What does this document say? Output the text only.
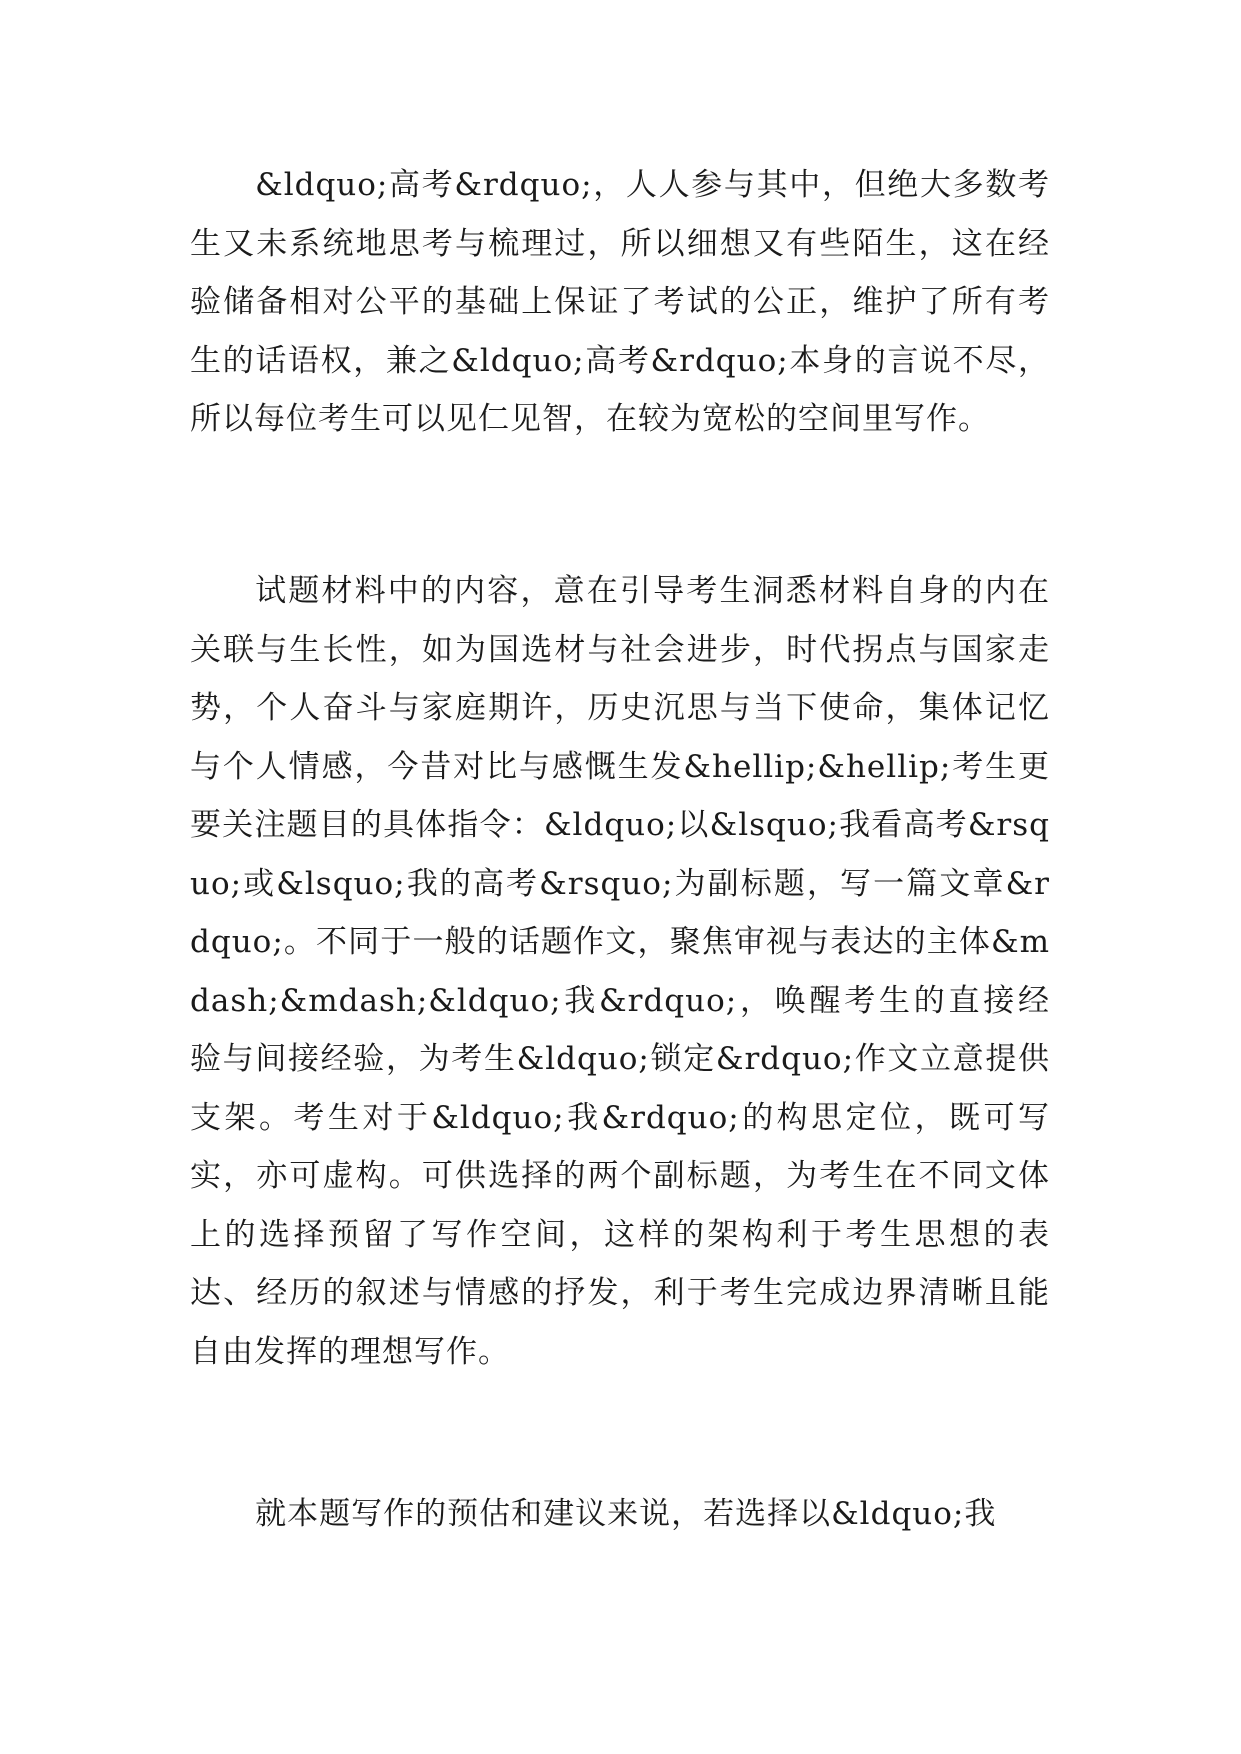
&ldquo;高考&rdquo;，人人参与其中，但绝大多数考生又未系统地思考与梳理过，所以细想又有些陌生，这在经验储备相对公平的基础上保证了考试的公正，维护了所有考生的话语权，兼之&ldquo;高考&rdquo;本身的言说不尽，所以每位考生可以见仁见智，在较为宽松的空间里写作。

试题材料中的内容，意在引导考生洞悉材料自身的内在关联与生长性，如为国选材与社会进步，时代拐点与国家走势，个人奋斗与家庭期许，历史沉思与当下使命，集体记忆与个人情感，今昔对比与感慨生发&hellip;&hellip;考生更要关注题目的具体指令：&ldquo;以&lsquo;我看高考&rsquo;或&lsquo;我的高考&rsquo;为副标题，写一篇文章&rdquo;。不同于一般的话题作文，聚焦审视与表达的主体&mdash;&mdash;&ldquo;我&rdquo;，唤醒考生的直接经验与间接经验，为考生&ldquo;锁定&rdquo;作文立意提供支架。考生对于&ldquo;我&rdquo;的构思定位，既可写实，亦可虚构。可供选择的两个副标题，为考生在不同文体上的选择预留了写作空间，这样的架构利于考生思想的表达、经历的叙述与情感的抒发，利于考生完成边界清晰且能自由发挥的理想写作。

就本题写作的预估和建议来说，若选择以&ldquo;我
